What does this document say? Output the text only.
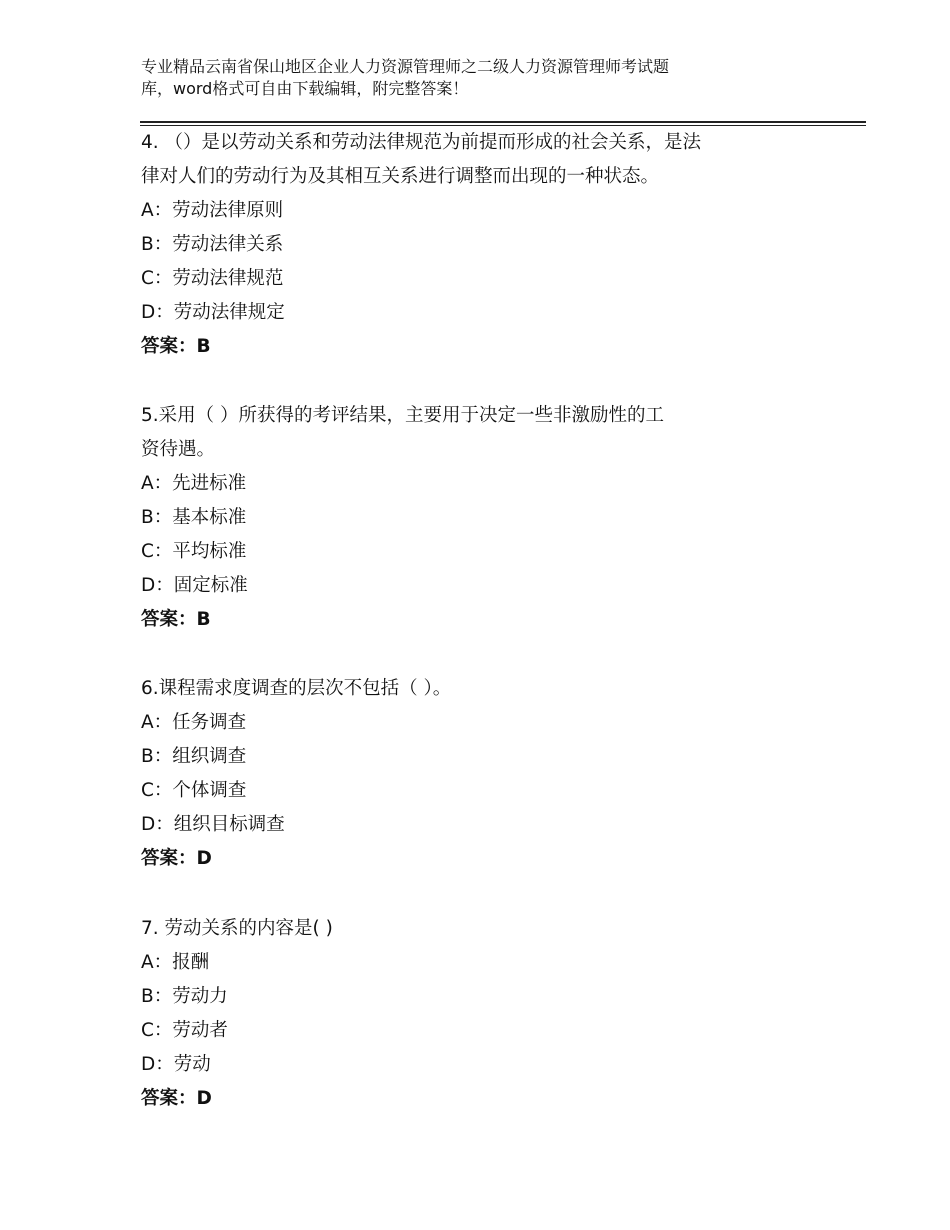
专业精品云南省保山地区企业人力资源管理师之二级人力资源管理师考试题
库，word格式可自由下载编辑，附完整答案！
4. （）是以劳动关系和劳动法律规范为前提而形成的社会关系，是法
律对人们的劳动行为及其相互关系进行调整而出现的一种状态。
A：劳动法律原则
B：劳动法律关系
C：劳动法律规范
D：劳动法律规定
答案：B
5.采用（ ）所获得的考评结果，主要用于决定一些非激励性的工
资待遇。
A：先进标准
B：基本标准
C：平均标准
D：固定标准
答案：B
6.课程需求度调查的层次不包括（ ）。
A：任务调查
B：组织调查
C：个体调查
D：组织目标调查
答案：D
7. 劳动关系的内容是( )
A：报酬
B：劳动力
C：劳动者
D：劳动
答案：D
